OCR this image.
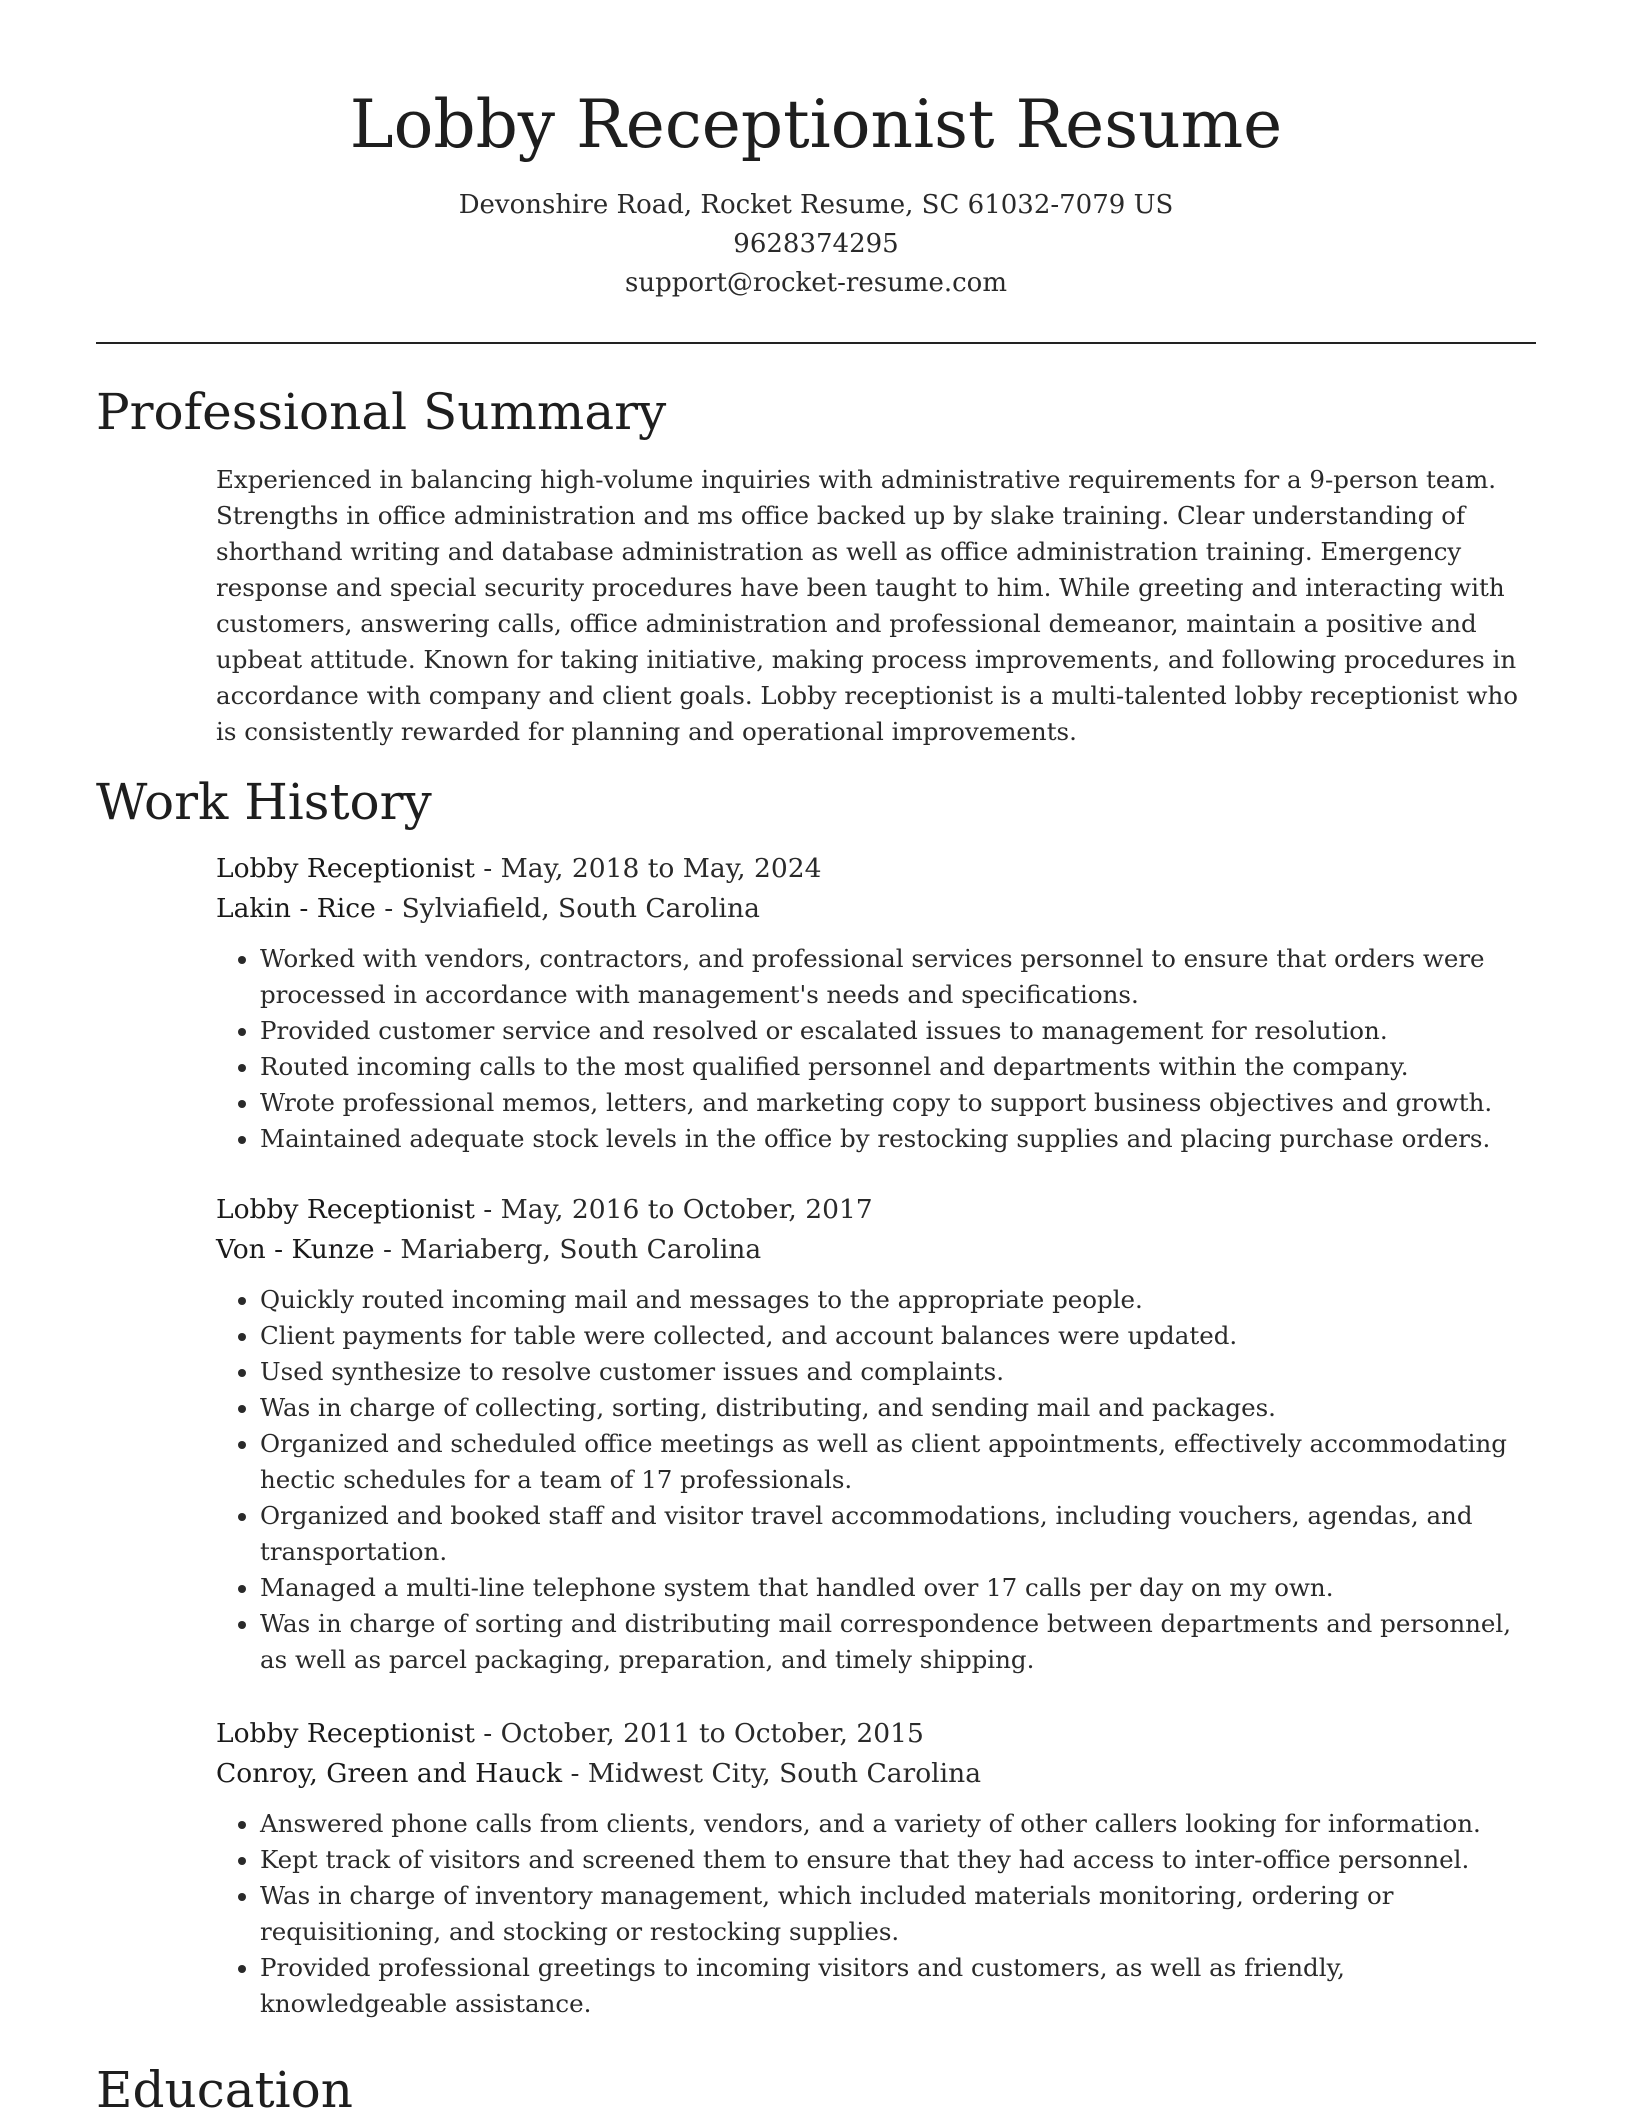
Lobby Receptionist Resume
Devonshire Road, Rocket Resume, SC 61032-7079 US
9628374295
support@rocket-resume.com
Professional Summary

Experienced in balancing high-volume inquiries with administrative requirements for a 9-person team. Strengths in office administration and ms office backed up by slake training. Clear understanding of shorthand writing and database administration as well as office administration training. Emergency response and special security procedures have been taught to him. While greeting and interacting with customers, answering calls, office administration and professional demeanor, maintain a positive and upbeat attitude. Known for taking initiative, making process improvements, and following procedures in accordance with company and client goals. Lobby receptionist is a multi-talented lobby receptionist who is consistently rewarded for planning and operational improvements.

Work History
Lobby Receptionist - May, 2018 to May, 2024
Lakin - Rice - Sylviafield, South Carolina
• Worked with vendors, contractors, and professional services personnel to ensure that orders were processed in accordance with management's needs and specifications.
• Provided customer service and resolved or escalated issues to management for resolution.
• Routed incoming calls to the most qualified personnel and departments within the company.
• Wrote professional memos, letters, and marketing copy to support business objectives and growth.
• Maintained adequate stock levels in the office by restocking supplies and placing purchase orders.
Lobby Receptionist - May, 2016 to October, 2017
Von - Kunze - Mariaberg, South Carolina
• Quickly routed incoming mail and messages to the appropriate people.
• Client payments for table were collected, and account balances were updated.
• Used synthesize to resolve customer issues and complaints.
• Was in charge of collecting, sorting, distributing, and sending mail and packages.
• Organized and scheduled office meetings as well as client appointments, effectively accommodating hectic schedules for a team of 17 professionals.
• Organized and booked staff and visitor travel accommodations, including vouchers, agendas, and transportation.
• Managed a multi-line telephone system that handled over 17 calls per day on my own.
• Was in charge of sorting and distributing mail correspondence between departments and personnel, as well as parcel packaging, preparation, and timely shipping.
Lobby Receptionist - October, 2011 to October, 2015
Conroy, Green and Hauck - Midwest City, South Carolina
• Answered phone calls from clients, vendors, and a variety of other callers looking for information.
• Kept track of visitors and screened them to ensure that they had access to inter-office personnel.
• Was in charge of inventory management, which included materials monitoring, ordering or requisitioning, and stocking or restocking supplies.
• Provided professional greetings to incoming visitors and customers, as well as friendly, knowledgeable assistance.
Education
